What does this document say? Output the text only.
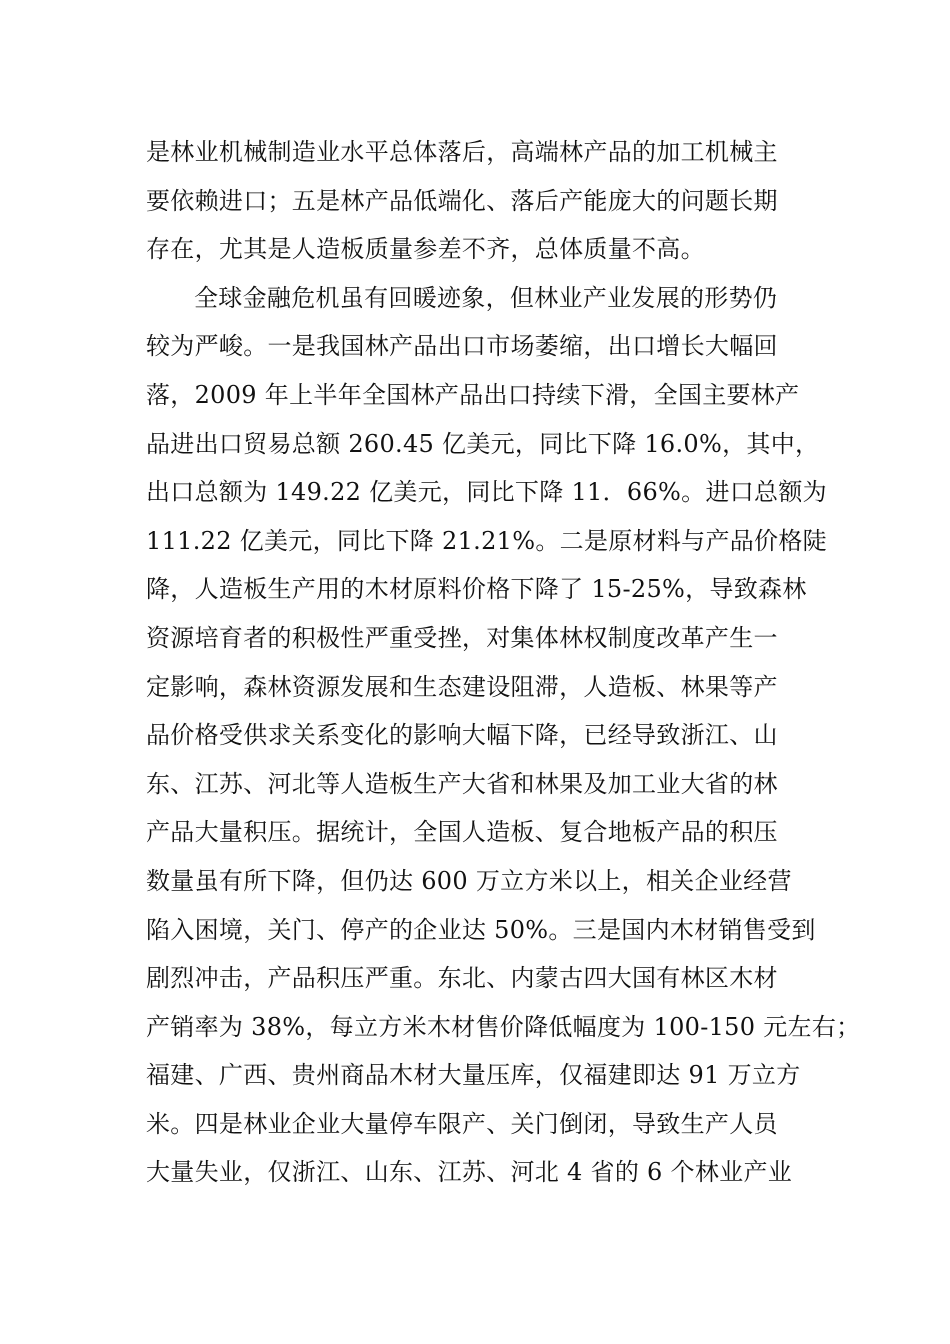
是林业机械制造业水平总体落后，高端林产品的加工机械主
要依赖进口；五是林产品低端化、落后产能庞大的问题长期
存在，尤其是人造板质量参差不齐，总体质量不高。
全球金融危机虽有回暖迹象，但林业产业发展的形势仍
较为严峻。一是我国林产品出口市场萎缩，出口增长大幅回
落，2009 年上半年全国林产品出口持续下滑，全国主要林产
品进出口贸易总额 260.45 亿美元，同比下降 16.0%，其中，
出口总额为 149.22 亿美元，同比下降 11．66%。进口总额为
111.22 亿美元，同比下降 21.21%。二是原材料与产品价格陡
降，人造板生产用的木材原料价格下降了 15-25%，导致森林
资源培育者的积极性严重受挫，对集体林权制度改革产生一
定影响，森林资源发展和生态建设阻滞，人造板、林果等产
品价格受供求关系变化的影响大幅下降，已经导致浙江、山
东、江苏、河北等人造板生产大省和林果及加工业大省的林
产品大量积压。据统计，全国人造板、复合地板产品的积压
数量虽有所下降，但仍达 600 万立方米以上，相关企业经营
陷入困境，关门、停产的企业达 50%。三是国内木材销售受到
剧烈冲击，产品积压严重。东北、内蒙古四大国有林区木材
产销率为 38%，每立方米木材售价降低幅度为 100-150 元左右；
福建、广西、贵州商品木材大量压库，仅福建即达 91 万立方
米。四是林业企业大量停车限产、关门倒闭，导致生产人员
大量失业，仅浙江、山东、江苏、河北 4 省的 6 个林业产业
